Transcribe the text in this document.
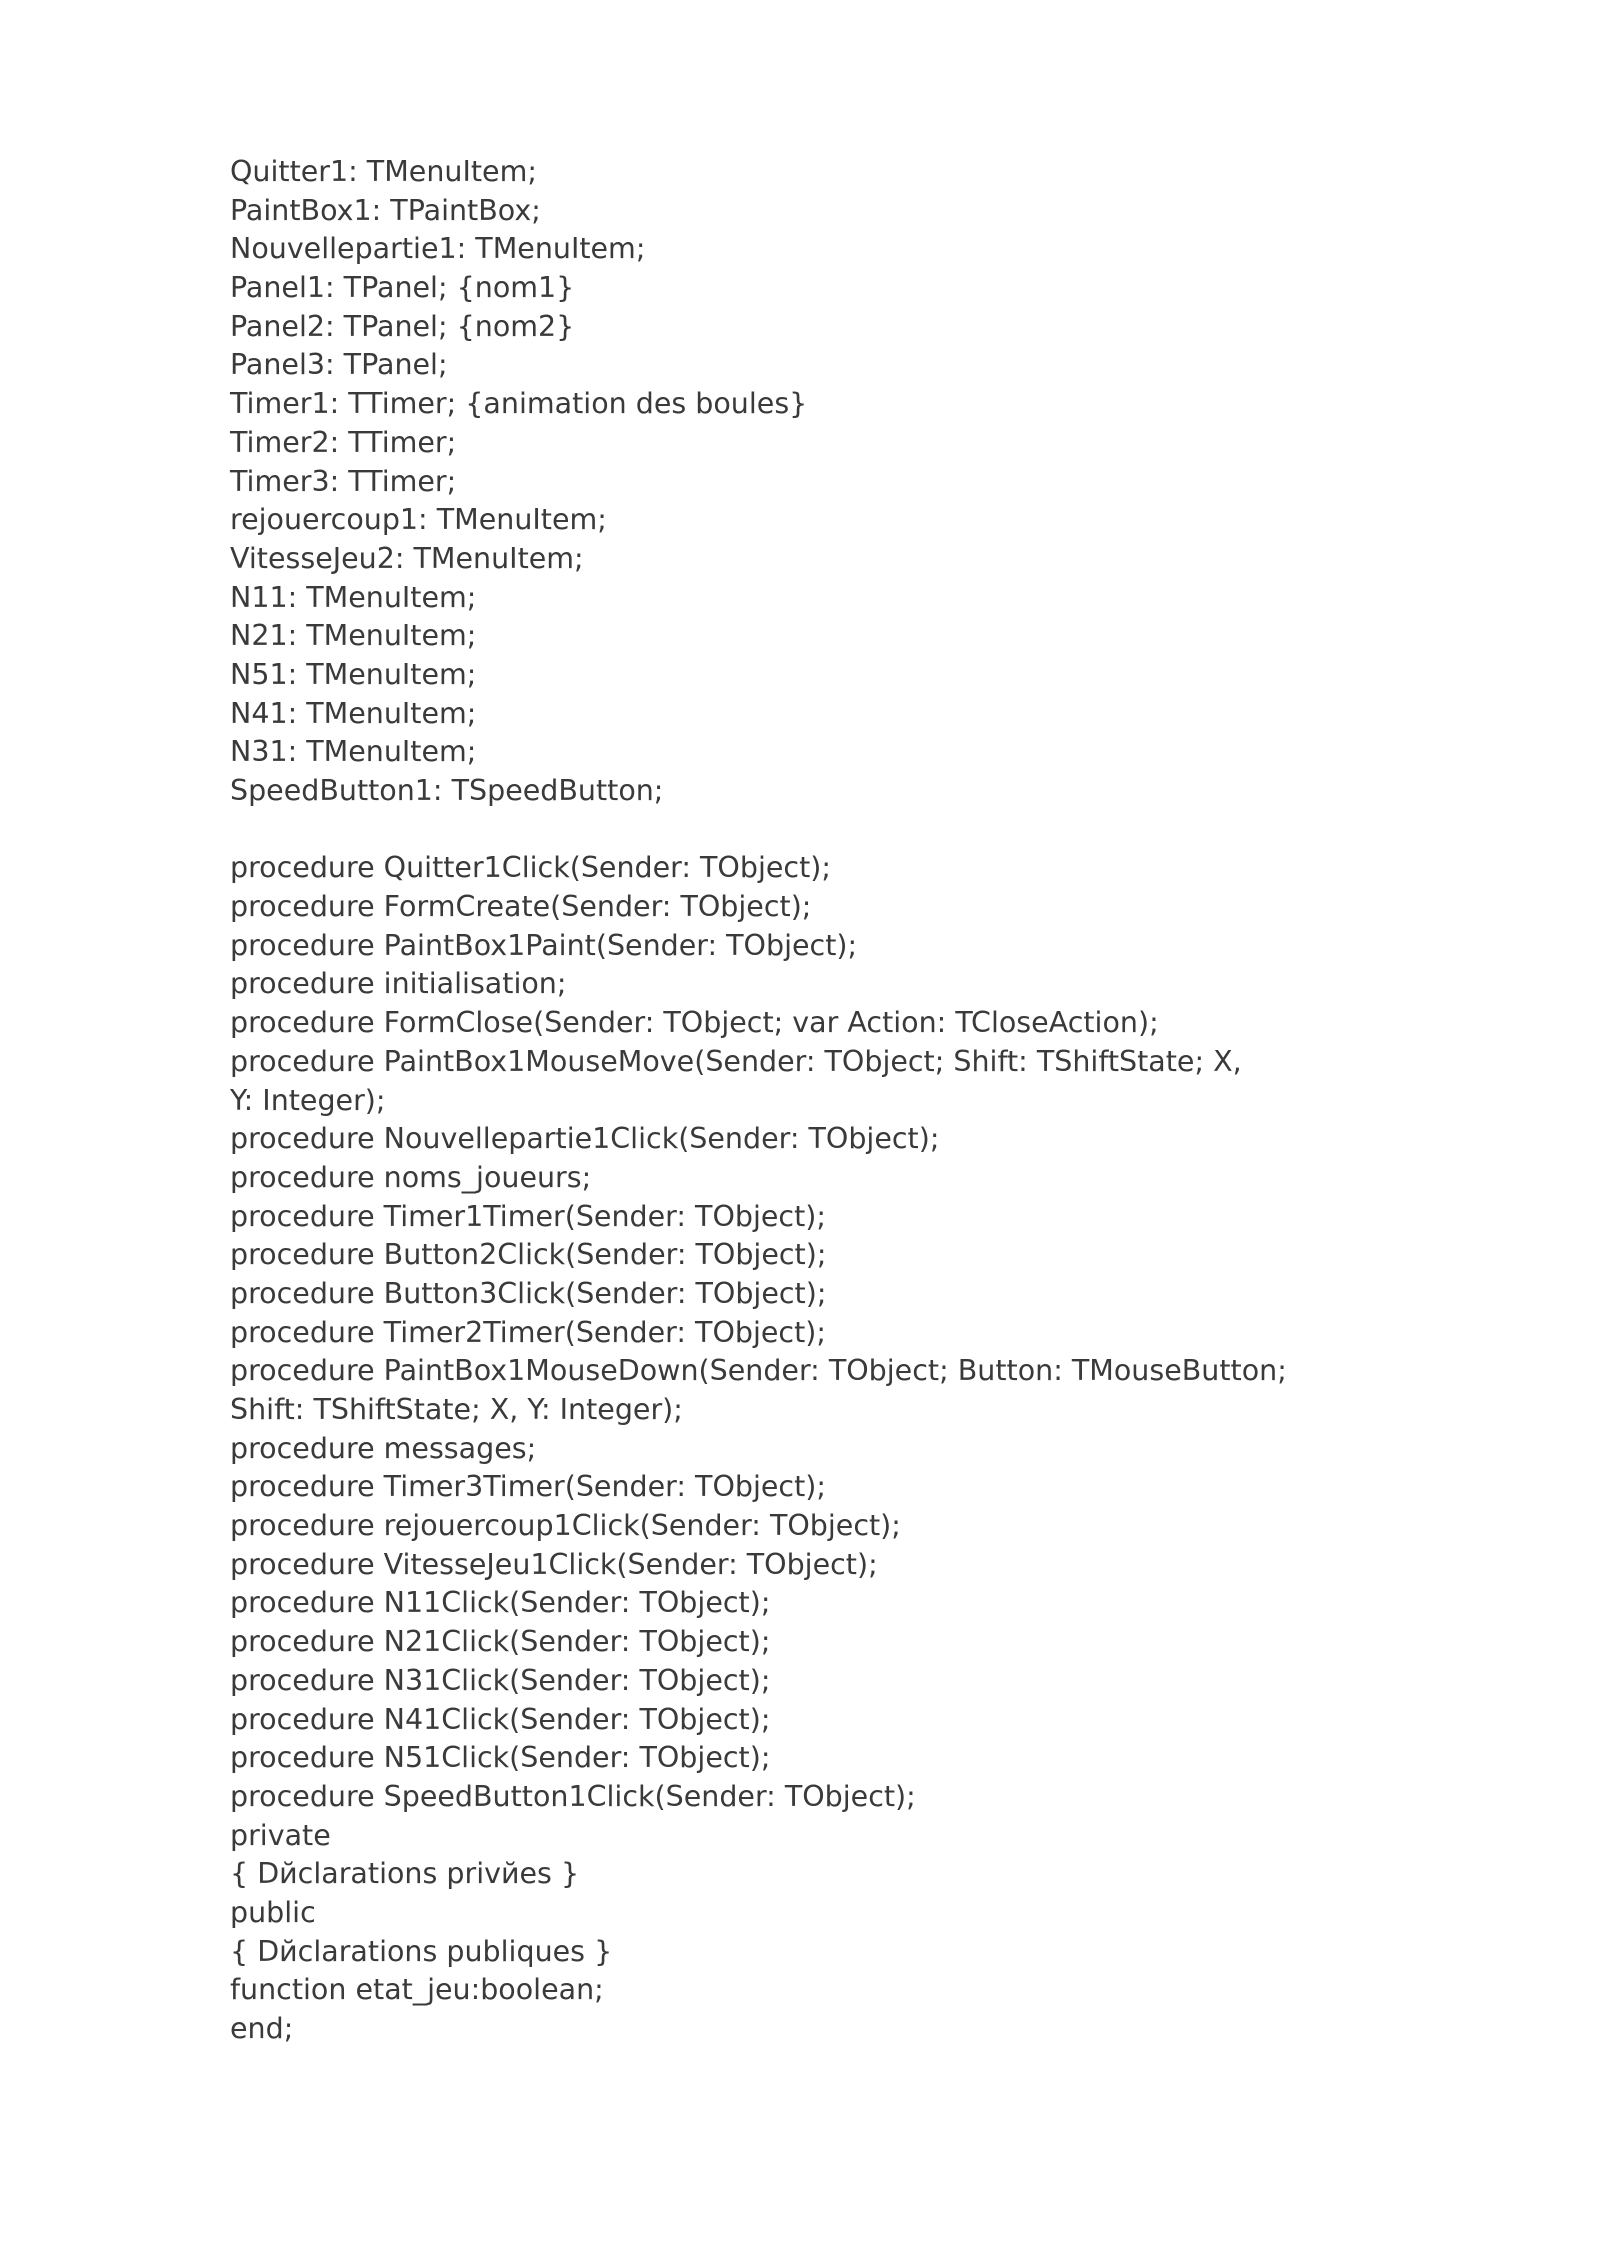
Quitter1: TMenuItem;
PaintBox1: TPaintBox;
Nouvellepartie1: TMenuItem;
Panel1: TPanel; {nom1}
Panel2: TPanel; {nom2}
Panel3: TPanel;
Timer1: TTimer; {animation des boules}
Timer2: TTimer;
Timer3: TTimer;
rejouercoup1: TMenuItem;
VitesseJeu2: TMenuItem;
N11: TMenuItem;
N21: TMenuItem;
N51: TMenuItem;
N41: TMenuItem;
N31: TMenuItem;
SpeedButton1: TSpeedButton;
procedure Quitter1Click(Sender: TObject);
procedure FormCreate(Sender: TObject);
procedure PaintBox1Paint(Sender: TObject);
procedure initialisation;
procedure FormClose(Sender: TObject; var Action: TCloseAction);
procedure PaintBox1MouseMove(Sender: TObject; Shift: TShiftState; X,
Y: Integer);
procedure Nouvellepartie1Click(Sender: TObject);
procedure noms_joueurs;
procedure Timer1Timer(Sender: TObject);
procedure Button2Click(Sender: TObject);
procedure Button3Click(Sender: TObject);
procedure Timer2Timer(Sender: TObject);
procedure PaintBox1MouseDown(Sender: TObject; Button: TMouseButton;
Shift: TShiftState; X, Y: Integer);
procedure messages;
procedure Timer3Timer(Sender: TObject);
procedure rejouercoup1Click(Sender: TObject);
procedure VitesseJeu1Click(Sender: TObject);
procedure N11Click(Sender: TObject);
procedure N21Click(Sender: TObject);
procedure N31Click(Sender: TObject);
procedure N41Click(Sender: TObject);
procedure N51Click(Sender: TObject);
procedure SpeedButton1Click(Sender: TObject);
private
{ Dйclarations privйes }
public
{ Dйclarations publiques }
function etat_jeu:boolean;
end;
